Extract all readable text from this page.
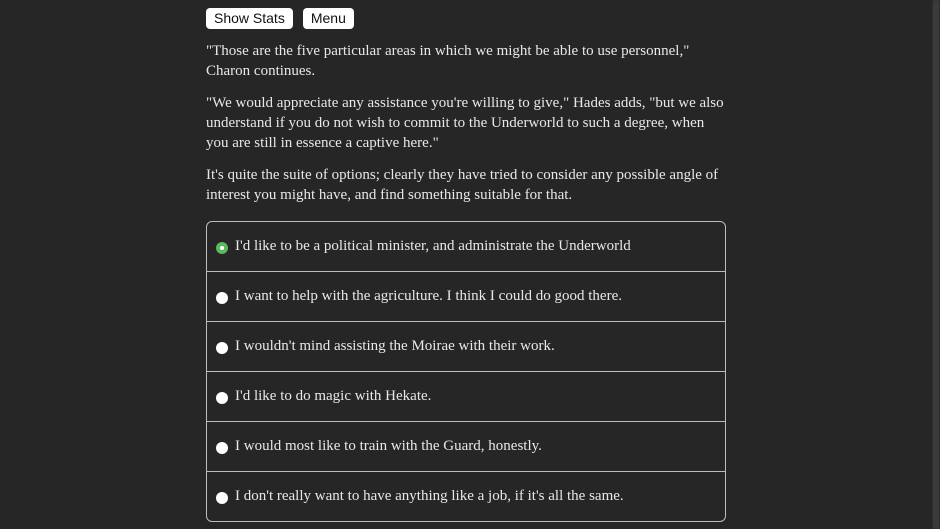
Show Stats	Menu

"Those are the five particular areas in which we might be able to use personnel," Charon continues.

"We would appreciate any assistance you're willing to give," Hades adds, "but we also understand if you do not wish to commit to the Underworld to such a degree, when you are still in essence a captive here."

It's quite the suite of options; clearly they have tried to consider any possible angle of interest you might have, and find something suitable for that.

I'd like to be a political minister, and administrate the Underworld
I want to help with the agriculture. I think I could do good there.
I wouldn't mind assisting the Moirae with their work.
I'd like to do magic with Hekate.
I would most like to train with the Guard, honestly.
I don't really want to have anything like a job, if it's all the same.
